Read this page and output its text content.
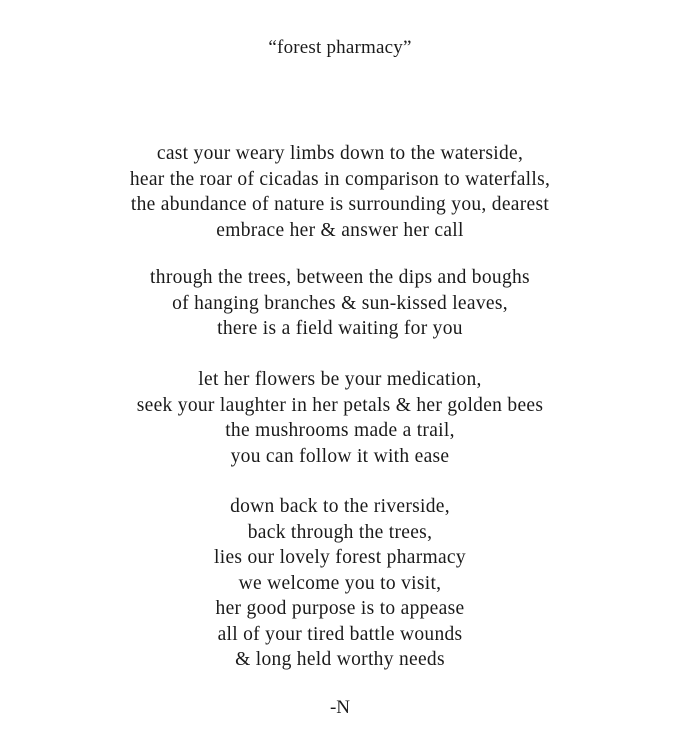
“forest pharmacy”
cast your weary limbs down to the waterside,
hear the roar of cicadas in comparison to waterfalls,
the abundance of nature is surrounding you, dearest
embrace her & answer her call
through the trees, between the dips and boughs
of hanging branches & sun-kissed leaves,
there is a field waiting for you
let her flowers be your medication,
seek your laughter in her petals & her golden bees
the mushrooms made a trail,
you can follow it with ease
down back to the riverside,
back through the trees,
lies our lovely forest pharmacy
we welcome you to visit,
her good purpose is to appease
all of your tired battle wounds
& long held worthy needs
-N
